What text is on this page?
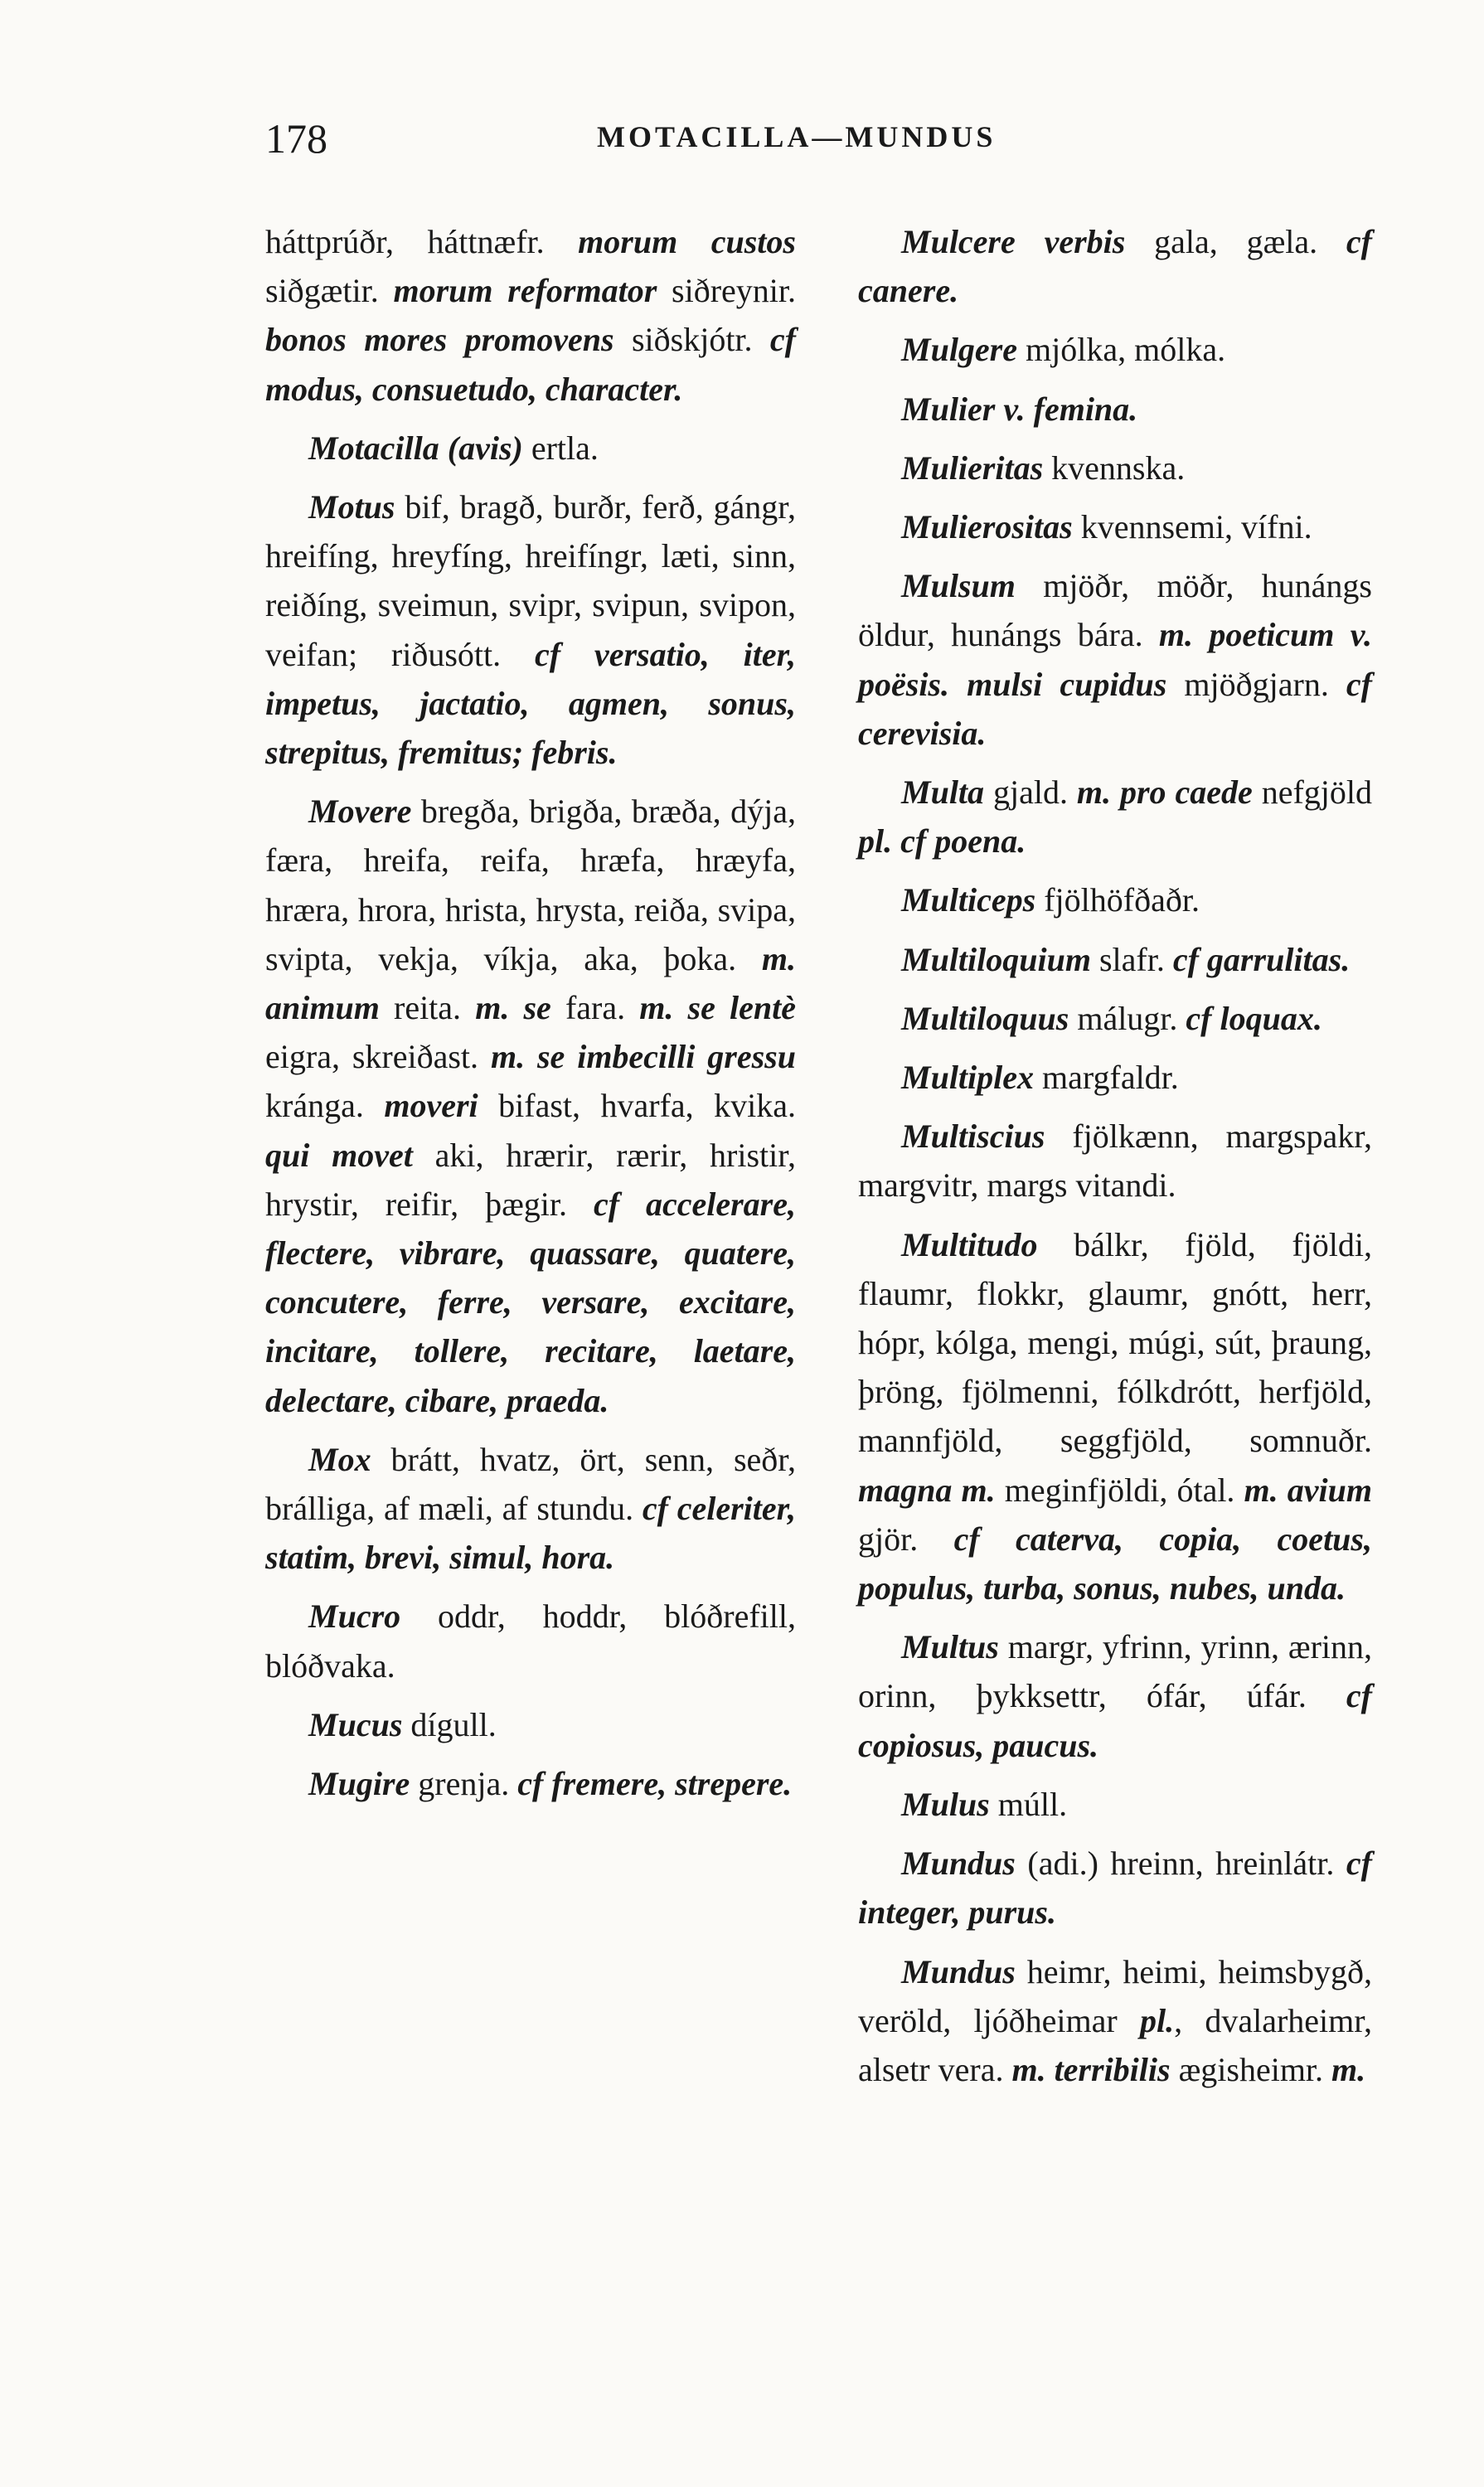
178	MOTACILLA—MUNDUS

háttprúðr, háttnæfr. morum custos siðgætir. morum reformator siðreynir. bonos mores promovens siðskjótr. cf modus, consuetudo, character.

Motacilla (avis) ertla.

Motus bif, bragð, burðr, ferð, gángr, hreifíng, hreyfíng, hreifíngr, læti, sinn, reiðíng, sveimun, svipr, svipun, svipon, veifan; riðusótt. cf versatio, iter, impetus, jactatio, agmen, sonus, strepitus, fremitus; febris.

Movere bregða, brigða, bræða, dýja, færa, hreifa, reifa, hræfa, hræyfa, hræra, hrora, hrista, hrysta, reiða, svipa, svipta, vekja, víkja, aka, þoka. m. animum reita. m. se fara. m. se lentè eigra, skreiðast. m. se imbecilli gressu kránga. moveri bifast, hvarfa, kvika. qui movet aki, hrærir, rærir, hristir, hrystir, reifir, þægir. cf accelerare, flectere, vibrare, quassare, quatere, concutere, ferre, versare, excitare, incitare, tollere, recitare, laetare, delectare, cibare, praeda.

Mox brátt, hvatz, ört, senn, seðr, brálliga, af mæli, af stundu. cf celeriter, statim, brevi, simul, hora.

Mucro oddr, hoddr, blóðrefill, blóðvaka.

Mucus dígull.

Mugire grenja. cf fremere, strepere.

Mulcere verbis gala, gæla. cf canere.

Mulgere mjólka, mólka.

Mulier v. femina.

Mulieritas kvennska.

Mulierositas kvennsemi, vífni.

Mulsum mjöðr, möðr, hunángs öldur, hunángs bára. m. poeticum v. poësis. mulsi cupidus mjöðgjarn. cf cerevisia.

Multa gjald. m. pro caede nefgjöld pl. cf poena.

Multiceps fjölhöfðaðr.

Multiloquium slafr. cf garrulitas.

Multiloquus málugr. cf loquax.

Multiplex margfaldr.

Multiscius fjölkænn, margspakr, margvitr, margs vitandi.

Multitudo bálkr, fjöld, fjöldi, flaumr, flokkr, glaumr, gnótt, herr, hópr, kólga, mengi, múgi, sút, þraung, þröng, fjölmenni, fólkdrótt, herfjöld, mannfjöld, seggfjöld, somnuðr. magna m. meginfjöldi, ótal. m. avium gjör. cf caterva, copia, coetus, populus, turba, sonus, nubes, unda.

Multus margr, yfrinn, yrinn, ærinn, orinn, þykksettr, ófár, úfár. cf copiosus, paucus.

Mulus múll.

Mundus (adi.) hreinn, hreinlátr. cf integer, purus.

Mundus heimr, heimi, heimsbygð, veröld, ljóðheimar pl., dvalarheimr, alsetr vera. m. terribilis ægisheimr. m.
